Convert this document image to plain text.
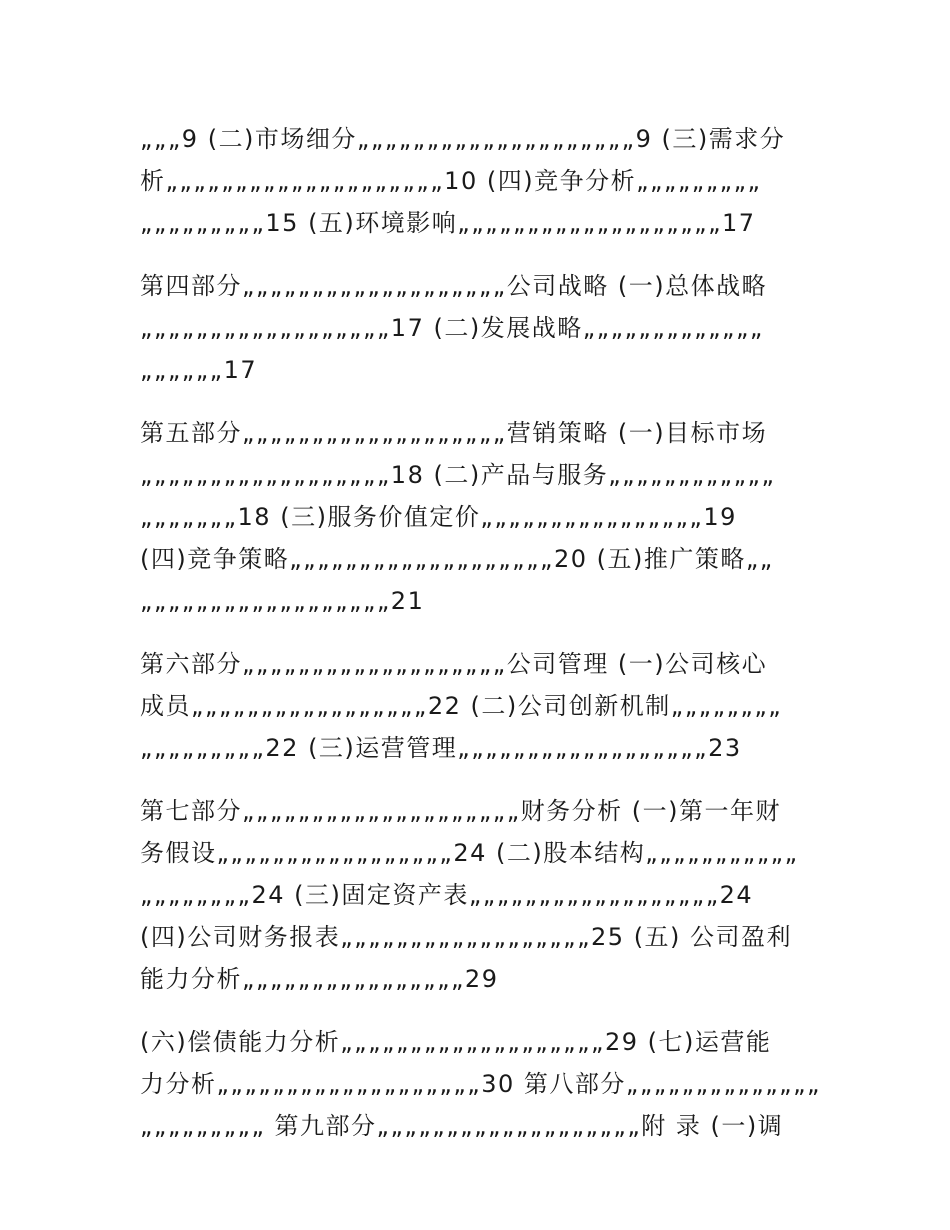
„„„9 (二)市场细分„„„„„„„„„„„„„„„„„„„„9 (三)需求分
析„„„„„„„„„„„„„„„„„„„„10 (四)竞争分析„„„„„„„„„
„„„„„„„„„15 (五)环境影响„„„„„„„„„„„„„„„„„„„17
第四部分„„„„„„„„„„„„„„„„„„„公司战略 (一)总体战略
„„„„„„„„„„„„„„„„„„17 (二)发展战略„„„„„„„„„„„„„
„„„„„„17
第五部分„„„„„„„„„„„„„„„„„„„营销策略 (一)目标市场
„„„„„„„„„„„„„„„„„„18 (二)产品与服务„„„„„„„„„„„„
„„„„„„„18 (三)服务价值定价„„„„„„„„„„„„„„„„19
(四)竞争策略„„„„„„„„„„„„„„„„„„„20 (五)推广策略„„
„„„„„„„„„„„„„„„„„„21
第六部分„„„„„„„„„„„„„„„„„„„公司管理 (一)公司核心
成员„„„„„„„„„„„„„„„„„22 (二)公司创新机制„„„„„„„„
„„„„„„„„„22 (三)运营管理„„„„„„„„„„„„„„„„„„23
第七部分„„„„„„„„„„„„„„„„„„„„财务分析 (一)第一年财
务假设„„„„„„„„„„„„„„„„„24 (二)股本结构„„„„„„„„„„„
„„„„„„„„24 (三)固定资产表„„„„„„„„„„„„„„„„„„24
(四)公司财务报表„„„„„„„„„„„„„„„„„„25 (五) 公司盈利
能力分析„„„„„„„„„„„„„„„„29
(六)偿债能力分析„„„„„„„„„„„„„„„„„„„29 (七)运营能
力分析„„„„„„„„„„„„„„„„„„„30 第八部分„„„„„„„„„„„„„„
„„„„„„„„„ 第九部分„„„„„„„„„„„„„„„„„„„附 录 (一)调
